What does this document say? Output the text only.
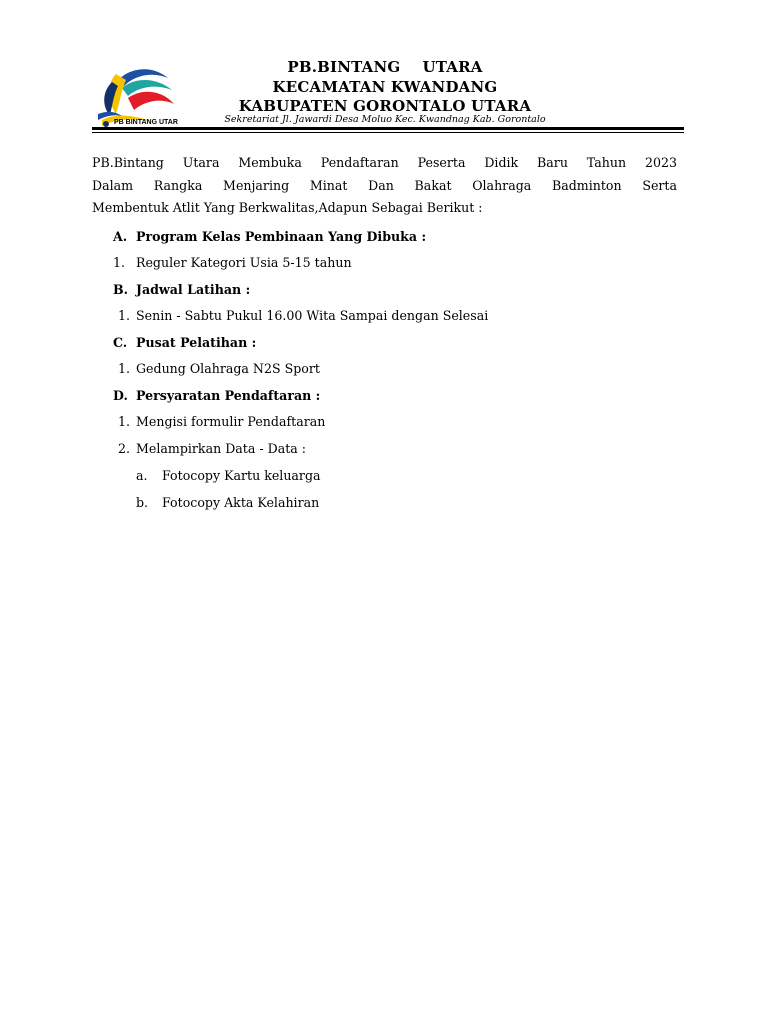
PB BINTANG UTARA
PB.BINTANG UTARA
KECAMATAN KWANDANG
KABUPATEN GORONTALO UTARA
Sekretariat Jl. Jawardi Desa Moluo Kec. Kwandnag Kab. Gorontalo
PB.Bintang Utara Membuka Pendaftaran Peserta Didik Baru Tahun 2023
Dalam Rangka Menjaring Minat Dan Bakat Olahraga Badminton Serta
Membentuk Atlit Yang Berkwalitas,Adapun Sebagai Berikut :
A. Program Kelas Pembinaan Yang Dibuka :
1. Reguler Kategori Usia 5-15 tahun
B. Jadwal Latihan :
1. Senin - Sabtu Pukul 16.00 Wita Sampai dengan Selesai
C. Pusat Pelatihan :
1. Gedung Olahraga N2S Sport
D. Persyaratan Pendaftaran :
1. Mengisi formulir Pendaftaran
2. Melampirkan Data - Data :
a. Fotocopy Kartu keluarga
b. Fotocopy Akta Kelahiran
